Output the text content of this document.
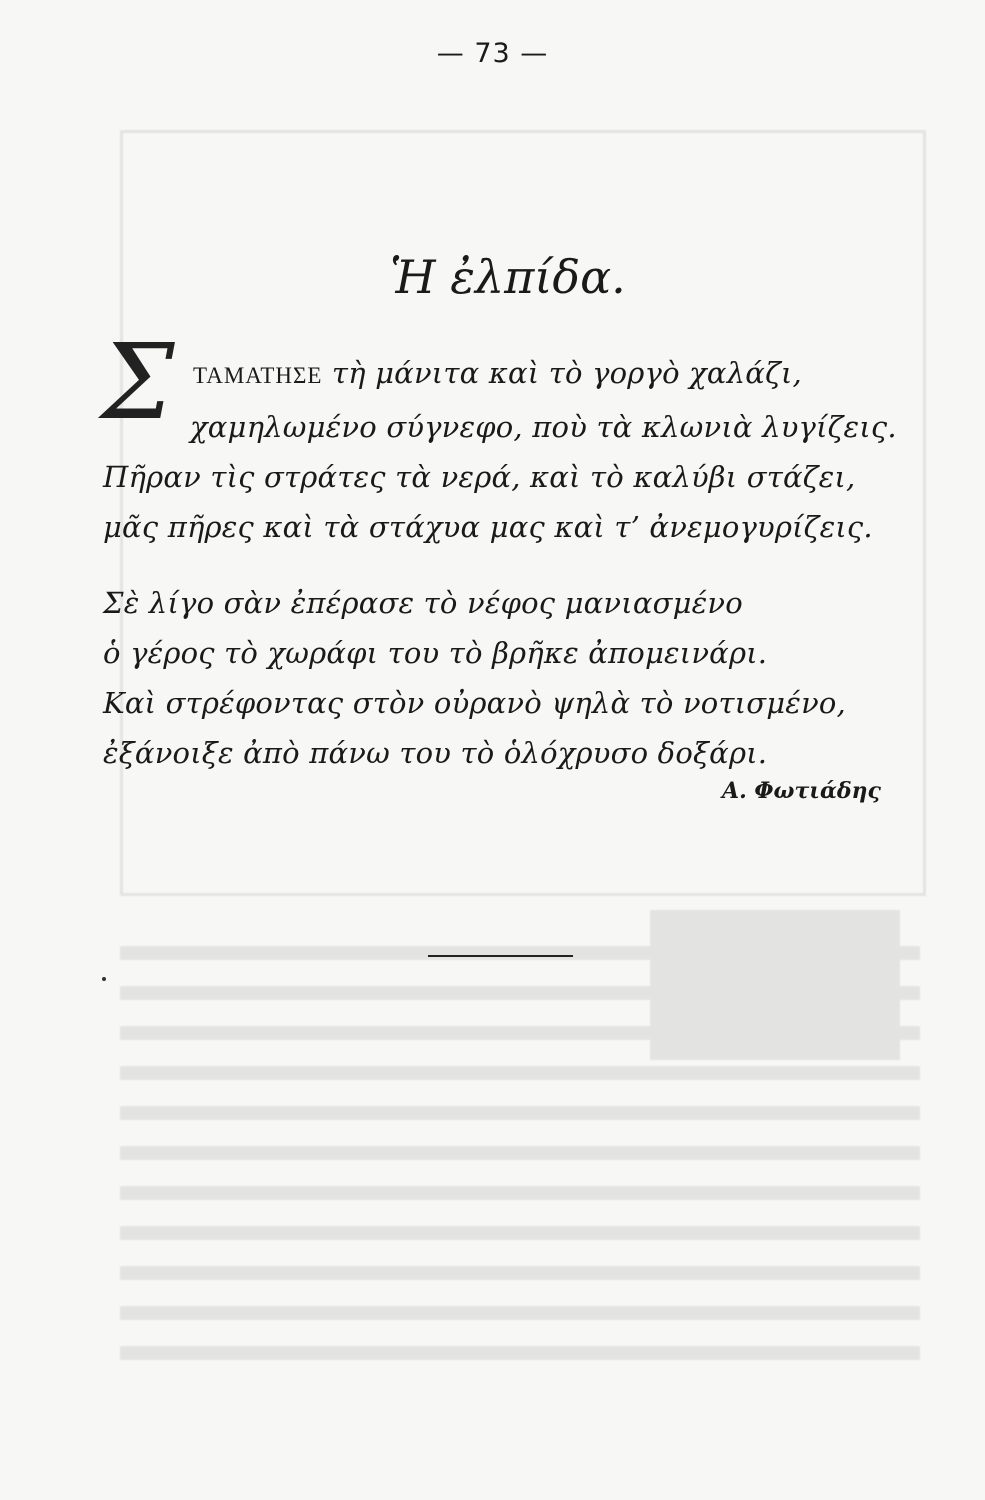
— 73 —
Ἡ ἐλπίδα.
Σ ΤΑΜΑΤΗΣΕ τὴ μάνιτα καὶ τὸ γοργὸ χαλάζι,
χαμηλωμένο σύγνεφο, ποὺ τὰ κλωνιὰ λυγίζεις.
Πῆραν τὶς στράτες τὰ νερά, καὶ τὸ καλύβι στάζει,
μᾶς πῆρες καὶ τὰ στάχυα μας καὶ τ’ ἀνεμογυρίζεις.
Σὲ λίγο σὰν ἐπέρασε τὸ νέφος μανιασμένο
ὁ γέρος τὸ χωράφι του τὸ βρῆκε ἀπομεινάρι.
Καὶ στρέφοντας στὸν οὐρανὸ ψηλὰ τὸ νοτισμένο,
ἐξάνοιξε ἀπὸ πάνω του τὸ ὁλόχρυσο δοξάρι.
Α. Φωτιάδης
